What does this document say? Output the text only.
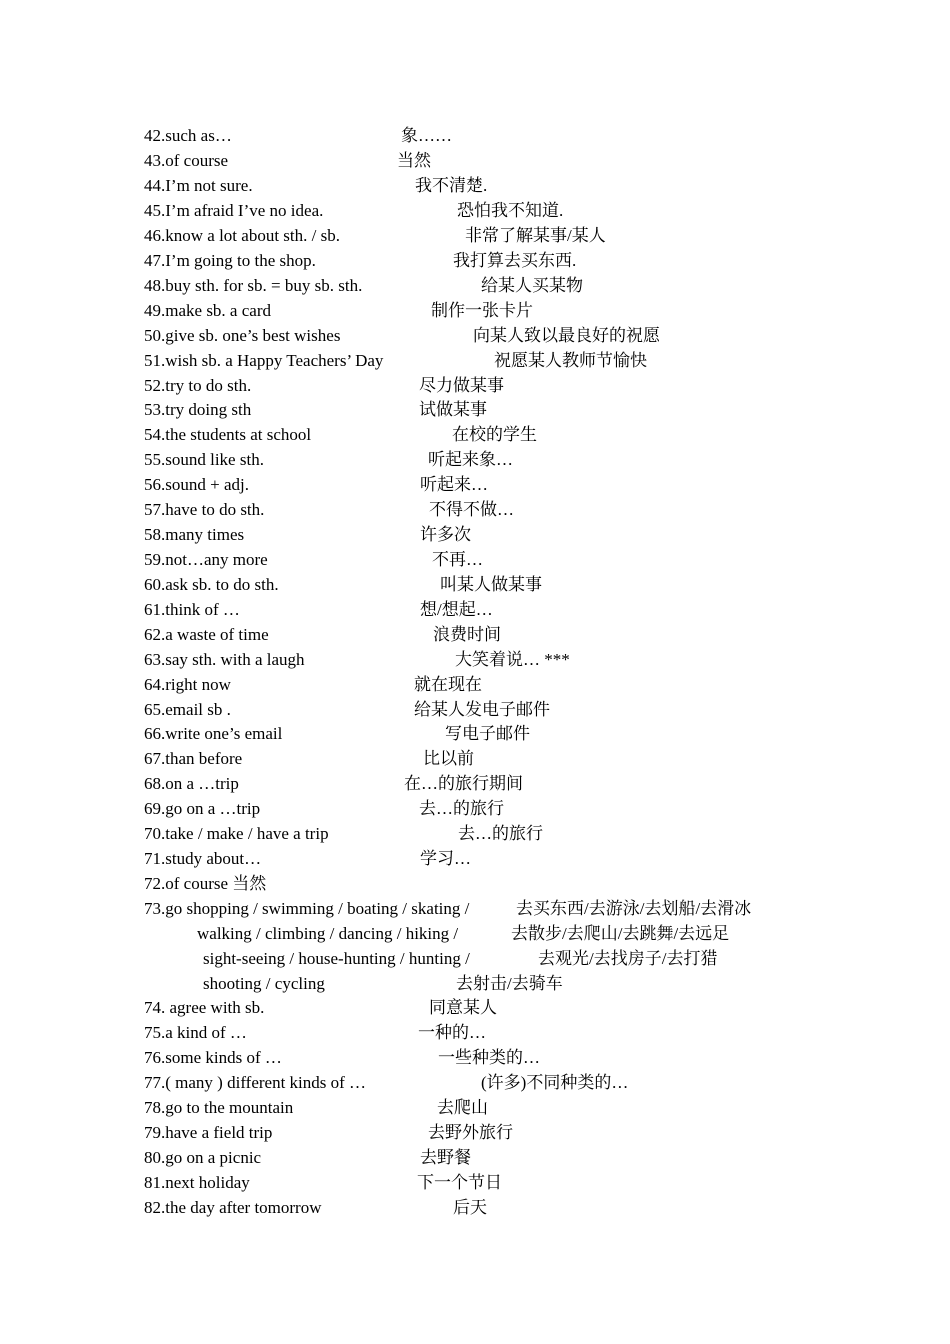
42.such as…	象……
43.of course	当然
44.I’m not sure.	我不清楚.
45.I’m afraid I’ve no idea.	恐怕我不知道.
46.know a lot about sth. / sb.	非常了解某事/某人
47.I’m going to the shop.	我打算去买东西.
48.buy sth. for sb. = buy sb. sth.	给某人买某物
49.make sb. a card	制作一张卡片
50.give sb. one’s best wishes	向某人致以最良好的祝愿
51.wish sb. a Happy Teachers’ Day	祝愿某人教师节愉快
52.try to do sth.	尽力做某事
53.try doing sth	试做某事
54.the students at school	在校的学生
55.sound like sth.	听起来象…
56.sound + adj.	听起来…
57.have to do sth.	不得不做…
58.many times	许多次
59.not…any more	不再…
60.ask sb. to do sth.	叫某人做某事
61.think of …	想/想起…
62.a waste of time	浪费时间
63.say sth. with a laugh	大笑着说… ***
64.right now	就在现在
65.email sb .	给某人发电子邮件
66.write one’s email	写电子邮件
67.than before	比以前
68.on a …trip	在…的旅行期间
69.go on a …trip	去…的旅行
70.take / make / have a trip	去…的旅行
71.study about…	学习…
72.of course 当然
73.go shopping / swimming / boating / skating /	去买东西/去游泳/去划船/去滑冰
walking / climbing / dancing / hiking /	去散步/去爬山/去跳舞/去远足
sight-seeing / house-hunting / hunting /	去观光/去找房子/去打猎
shooting / cycling	去射击/去骑车
74. agree with sb.	同意某人
75.a kind of …	一种的…
76.some kinds of …	一些种类的…
77.( many ) different kinds of …	(许多)不同种类的…
78.go to the mountain	去爬山
79.have a field trip	去野外旅行
80.go on a picnic	去野餐
81.next holiday	下一个节日
82.the day after tomorrow	后天
